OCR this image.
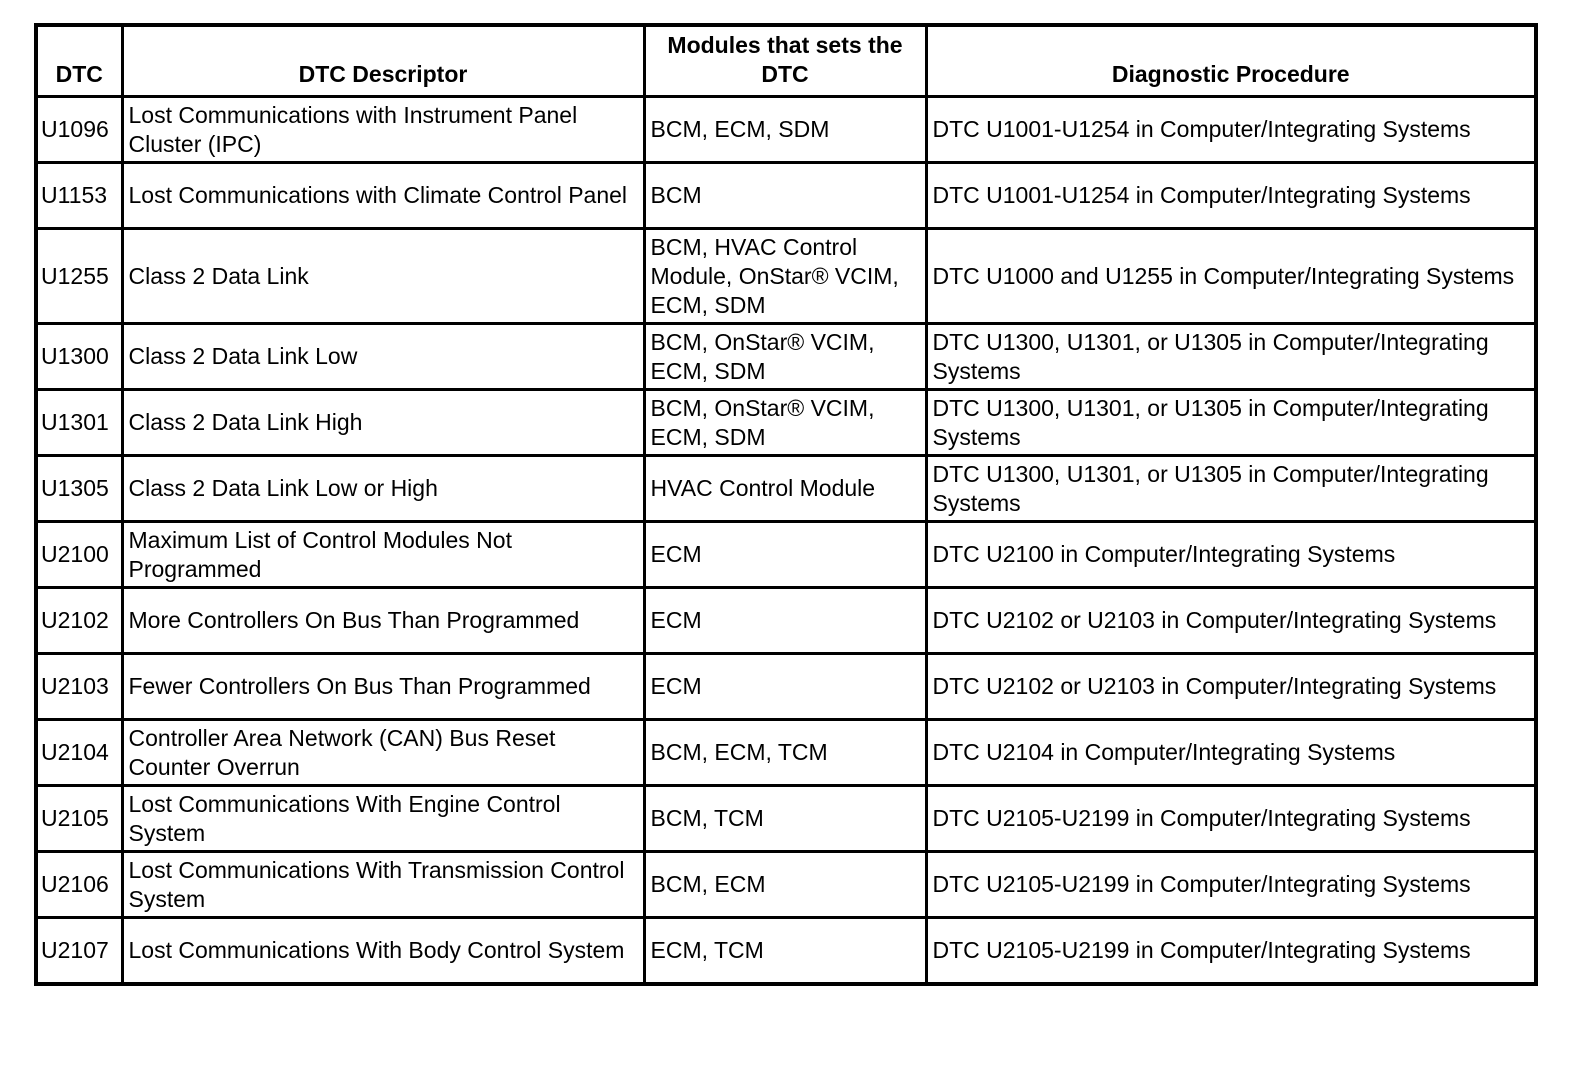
DTC	DTC Descriptor	Modules that sets the DTC	Diagnostic Procedure
U1096	Lost Communications with Instrument Panel Cluster (IPC)	BCM, ECM, SDM	DTC U1001-U1254 in Computer/Integrating Systems
U1153	Lost Communications with Climate Control Panel	BCM	DTC U1001-U1254 in Computer/Integrating Systems
U1255	Class 2 Data Link	BCM, HVAC Control Module, OnStar® VCIM, ECM, SDM	DTC U1000 and U1255 in Computer/Integrating Systems
U1300	Class 2 Data Link Low	BCM, OnStar® VCIM, ECM, SDM	DTC U1300, U1301, or U1305 in Computer/Integrating Systems
U1301	Class 2 Data Link High	BCM, OnStar® VCIM, ECM, SDM	DTC U1300, U1301, or U1305 in Computer/Integrating Systems
U1305	Class 2 Data Link Low or High	HVAC Control Module	DTC U1300, U1301, or U1305 in Computer/Integrating Systems
U2100	Maximum List of Control Modules Not Programmed	ECM	DTC U2100 in Computer/Integrating Systems
U2102	More Controllers On Bus Than Programmed	ECM	DTC U2102 or U2103 in Computer/Integrating Systems
U2103	Fewer Controllers On Bus Than Programmed	ECM	DTC U2102 or U2103 in Computer/Integrating Systems
U2104	Controller Area Network (CAN) Bus Reset Counter Overrun	BCM, ECM, TCM	DTC U2104 in Computer/Integrating Systems
U2105	Lost Communications With Engine Control System	BCM, TCM	DTC U2105-U2199 in Computer/Integrating Systems
U2106	Lost Communications With Transmission Control System	BCM, ECM	DTC U2105-U2199 in Computer/Integrating Systems
U2107	Lost Communications With Body Control System	ECM, TCM	DTC U2105-U2199 in Computer/Integrating Systems
